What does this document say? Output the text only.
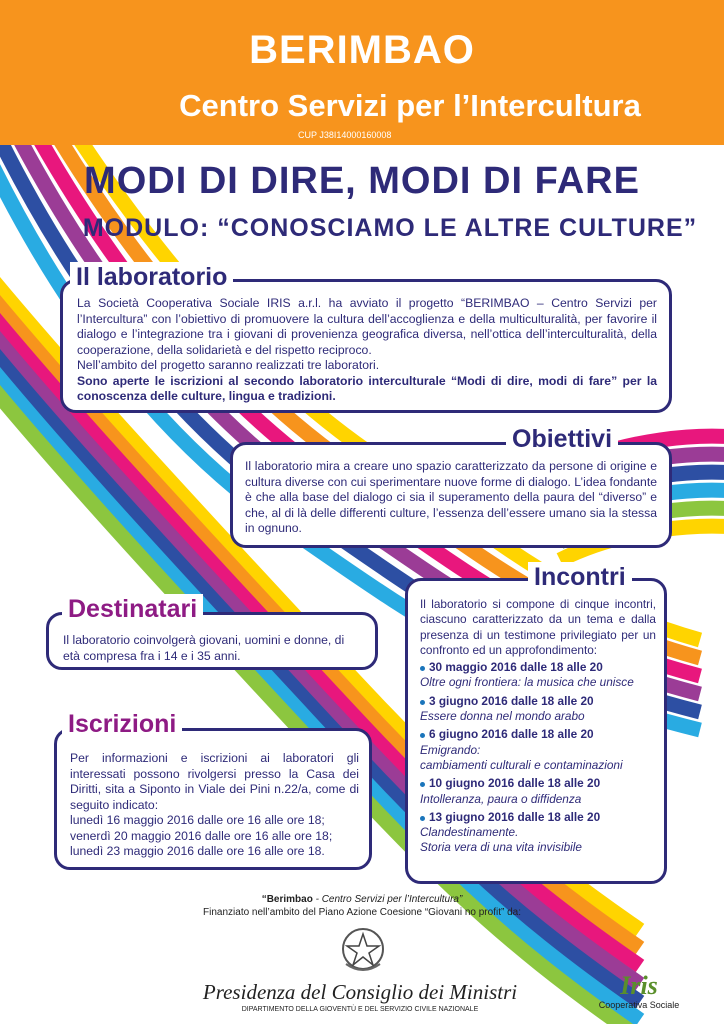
BERIMBAO
Centro Servizi per l’Intercultura
CUP J38I14000160008
MODI DI DIRE, MODI DI FARE
MODULO: “CONOSCIAMO LE ALTRE CULTURE”
Il laboratorio
La Società Cooperativa Sociale IRIS a.r.l. ha avviato il progetto “BERIMBAO – Centro Servizi per l’Intercultura” con l’obiettivo di promuovere la cultura dell’accoglienza e della multiculturalità, per favorire il dialogo e l’integrazione tra i giovani di provenienza geografica diversa, nell’ottica dell’interculturalità, della cooperazione, della solidarietà e del rispetto reciproco.
Nell’ambito del progetto saranno realizzati tre laboratori.
Sono aperte le iscrizioni al secondo laboratorio interculturale “Modi di dire, modi di fare” per la conoscenza delle culture, lingua e tradizioni.
Obiettivi
Il laboratorio mira a creare uno spazio caratterizzato da persone di origine e cultura diverse con cui sperimentare nuove forme di dialogo. L’idea fondante è che alla base del dialogo ci sia il superamento della paura del “diverso” e che, al di là delle differenti culture, l’essenza dell’essere umano sia la stessa in ognuno.
Incontri
Il laboratorio si compone di cinque incontri, ciascuno caratterizzato da un tema e dalla presenza di un testimone privilegiato per un confronto ed un approfondimento:
30 maggio 2016 dalle 18 alle 20
Oltre ogni frontiera: la musica che unisce
3 giugno 2016 dalle 18 alle 20
Essere donna nel mondo arabo
6 giugno 2016 dalle 18 alle 20
Emigrando:
cambiamenti culturali e contaminazioni
10 giugno 2016 dalle 18 alle 20
Intolleranza, paura o diffidenza
13 giugno 2016 dalle 18 alle 20
Clandestinamente.
Storia vera di una vita invisibile
Destinatari
Il laboratorio coinvolgerà giovani, uomini e donne, di età compresa fra i 14 e i 35 anni.
Iscrizioni
Per informazioni e iscrizioni ai laboratori gli interessati possono rivolgersi presso la Casa dei Diritti, sita a Siponto in Viale dei Pini n.22/a, come di seguito indicato:
lunedì 16 maggio 2016 dalle ore 16 alle ore 18;
venerdì 20 maggio 2016 dalle ore 16 alle ore 18;
lunedì 23 maggio 2016 dalle ore 16 alle ore 18.
“Berimbao - Centro Servizi per l’Intercultura”
Finanziato nell’ambito del Piano Azione Coesione “Giovani no profit” da:
Presidenza del Consiglio dei Ministri
DIPARTIMENTO DELLA GIOVENTÙ E DEL SERVIZIO CIVILE NAZIONALE
Iris
Cooperativa Sociale
